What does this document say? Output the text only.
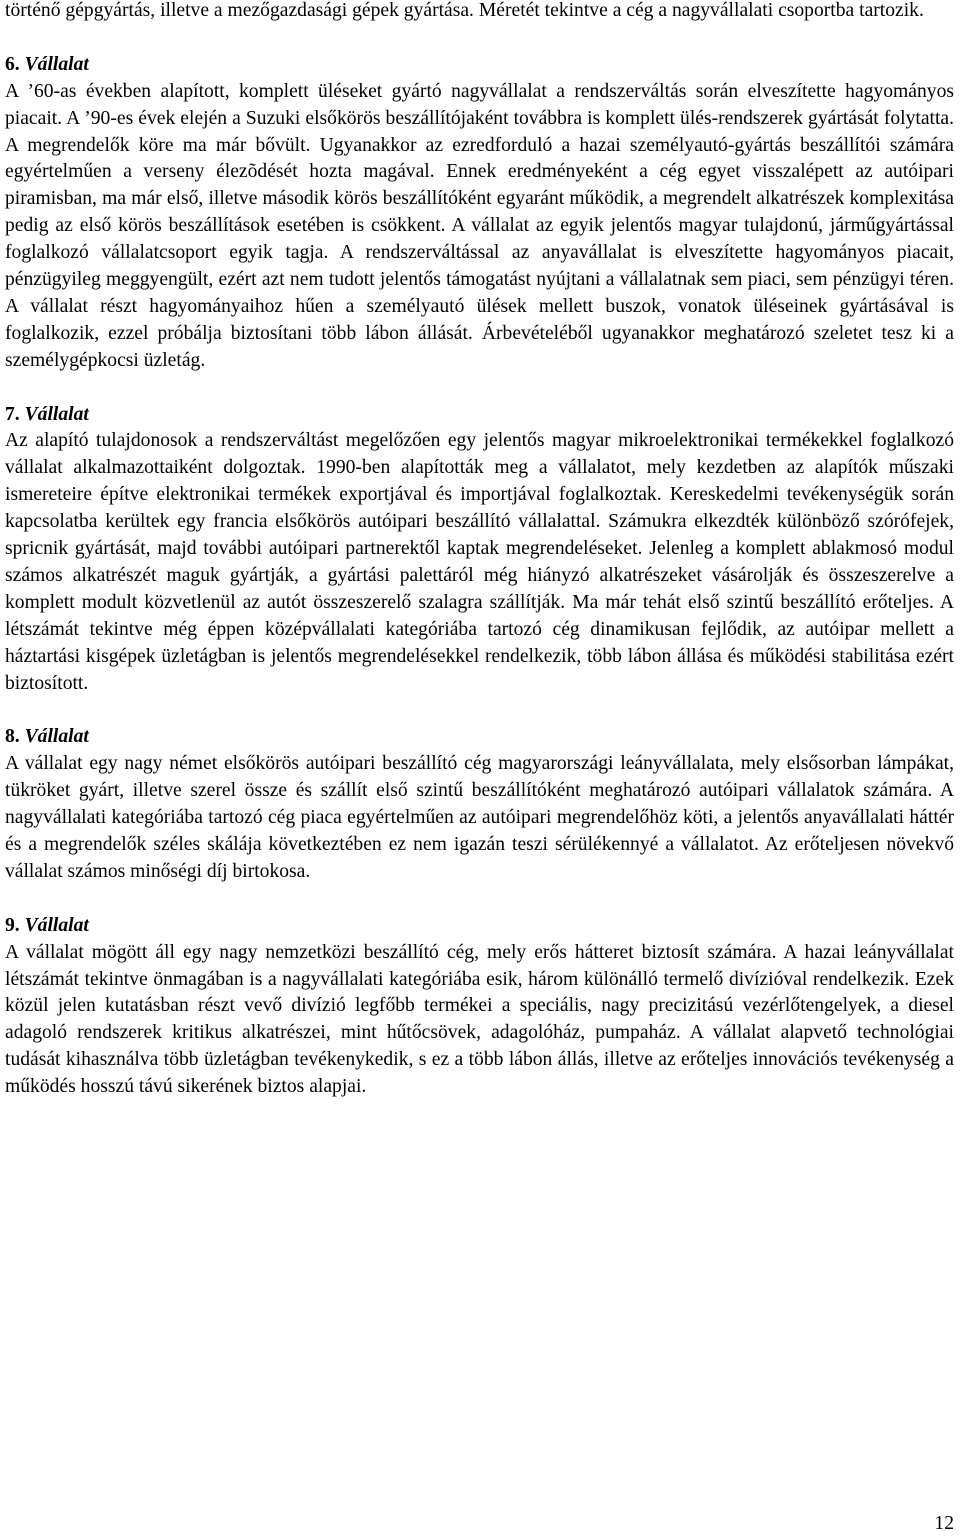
történő gépgyártás, illetve a mezőgazdasági gépek gyártása. Méretét tekintve a cég a nagyvállalati csoportba tartozik.

6. Vállalat

A ’60-as években alapított, komplett üléseket gyártó nagyvállalat a rendszerváltás során elveszítette hagyományos piacait. A ’90-es évek elején a Suzuki elsőkörös beszállítójaként továbbra is komplett ülés-rendszerek gyártását folytatta. A megrendelők köre ma már bővült. Ugyanakkor az ezredforduló a hazai személyautó-gyártás beszállítói számára egyértelműen a verseny élezõdését hozta magával. Ennek eredményeként a cég egyet visszalépett az autóipari piramisban, ma már első, illetve második körös beszállítóként egyaránt működik, a megrendelt alkatrészek komplexitása pedig az első körös beszállítások esetében is csökkent. A vállalat az egyik jelentős magyar tulajdonú, járműgyártással foglalkozó vállalatcsoport egyik tagja. A rendszerváltással az anyavállalat is elveszítette hagyományos piacait, pénzügyileg meggyengült, ezért azt nem tudott jelentős támogatást nyújtani a vállalatnak sem piaci, sem pénzügyi téren. A vállalat részt hagyományaihoz hűen a személyautó ülések mellett buszok, vonatok üléseinek gyártásával is foglalkozik, ezzel próbálja biztosítani több lábon állását. Árbevételéből ugyanakkor meghatározó szeletet tesz ki a személygépkocsi üzletág.

7. Vállalat

Az alapító tulajdonosok a rendszerváltást megelőzően egy jelentős magyar mikroelektronikai termékekkel foglalkozó vállalat alkalmazottaiként dolgoztak. 1990-ben alapították meg a vállalatot, mely kezdetben az alapítók műszaki ismereteire építve elektronikai termékek exportjával és importjával foglalkoztak. Kereskedelmi tevékenységük során kapcsolatba kerültek egy francia elsőkörös autóipari beszállító vállalattal. Számukra elkezdték különböző szórófejek, spricnik gyártását, majd további autóipari partnerektől kaptak megrendeléseket. Jelenleg a komplett ablakmosó modul számos alkatrészét maguk gyártják, a gyártási palettáról még hiányzó alkatrészeket vásárolják és összeszerelve a komplett modult közvetlenül az autót összeszerelő szalagra szállítják. Ma már tehát első szintű beszállító erőteljes. A létszámát tekintve még éppen középvállalati kategóriába tartozó cég dinamikusan fejlődik, az autóipar mellett a háztartási kisgépek üzletágban is jelentős megrendelésekkel rendelkezik, több lábon állása és működési stabilitása ezért biztosított.

8. Vállalat

A vállalat egy nagy német elsőkörös autóipari beszállító cég magyarországi leányvállalata, mely elsősorban lámpákat, tükröket gyárt, illetve szerel össze és szállít első szintű beszállítóként meghatározó autóipari vállalatok számára. A nagyvállalati kategóriába tartozó cég piaca egyértelműen az autóipari megrendelőhöz köti, a jelentős anyavállalati háttér és a megrendelők széles skálája következtében ez nem igazán teszi sérülékennyé a vállalatot. Az erőteljesen növekvő vállalat számos minőségi díj birtokosa.

9. Vállalat

A vállalat mögött áll egy nagy nemzetközi beszállító cég, mely erős hátteret biztosít számára. A hazai leányvállalat létszámát tekintve önmagában is a nagyvállalati kategóriába esik, három különálló termelő divízióval rendelkezik. Ezek közül jelen kutatásban részt vevő divízió legfőbb termékei a speciális, nagy precizitású vezérlőtengelyek, a diesel adagoló rendszerek kritikus alkatrészei, mint hűtőcsövek, adagolóház, pumpaház. A vállalat alapvető technológiai tudását kihasználva több üzletágban tevékenykedik, s ez a több lábon állás, illetve az erőteljes innovációs tevékenység a működés hosszú távú sikerének biztos alapjai.

12
